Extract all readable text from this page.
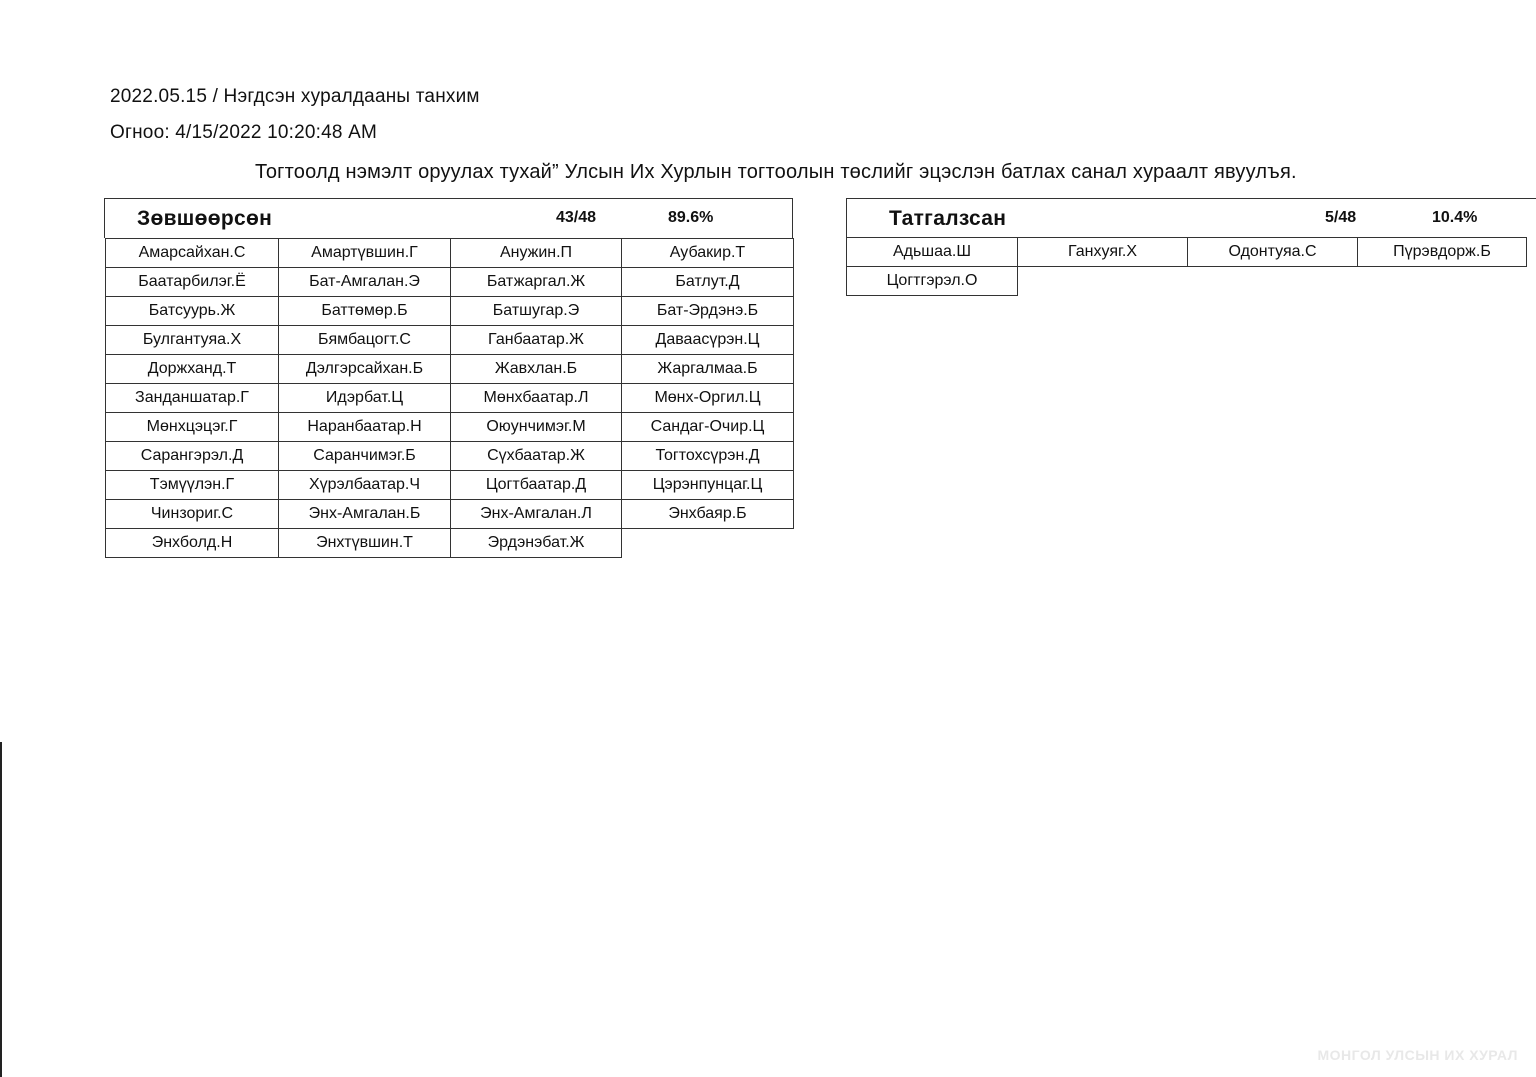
2022.05.15 / Нэгдсэн хуралдааны танхим
Огноо: 4/15/2022 10:20:48 AM
Тогтоолд нэмэлт оруулах тухай” Улсын Их Хурлын тогтоолын төслийг эцэслэн батлах санал хураалт явуулъя.
Зөвшөөрсөн	43/48	89.6%
Амарсайхан.С	Амартүвшин.Г	Анужин.П	Аубакир.Т
Баатарбилэг.Ё	Бат-Амгалан.Э	Батжаргал.Ж	Батлут.Д
Батсуурь.Ж	Баттөмөр.Б	Батшугар.Э	Бат-Эрдэнэ.Б
Булгантуяа.Х	Бямбацогт.С	Ганбаатар.Ж	Даваасүрэн.Ц
Доржханд.Т	Дэлгэрсайхан.Б	Жавхлан.Б	Жаргалмаа.Б
Занданшатар.Г	Идэрбат.Ц	Мөнхбаатар.Л	Мөнх-Оргил.Ц
Мөнхцэцэг.Г	Наранбаатар.Н	Оюунчимэг.М	Сандаг-Очир.Ц
Сарангэрэл.Д	Саранчимэг.Б	Сүхбаатар.Ж	Тогтохсүрэн.Д
Тэмүүлэн.Г	Хүрэлбаатар.Ч	Цогтбаатар.Д	Цэрэнпунцаг.Ц
Чинзориг.С	Энх-Амгалан.Б	Энх-Амгалан.Л	Энхбаяр.Б
Энхболд.Н	Энхтүвшин.Т	Эрдэнэбат.Ж	
Татгалзсан	5/48	10.4%
Адьшаа.Ш	Ганхуяг.Х	Одонтуяа.С	Пүрэвдорж.Б
Цогтгэрэл.О			
МОНГОЛ УЛСЫН ИХ ХУРАЛ
